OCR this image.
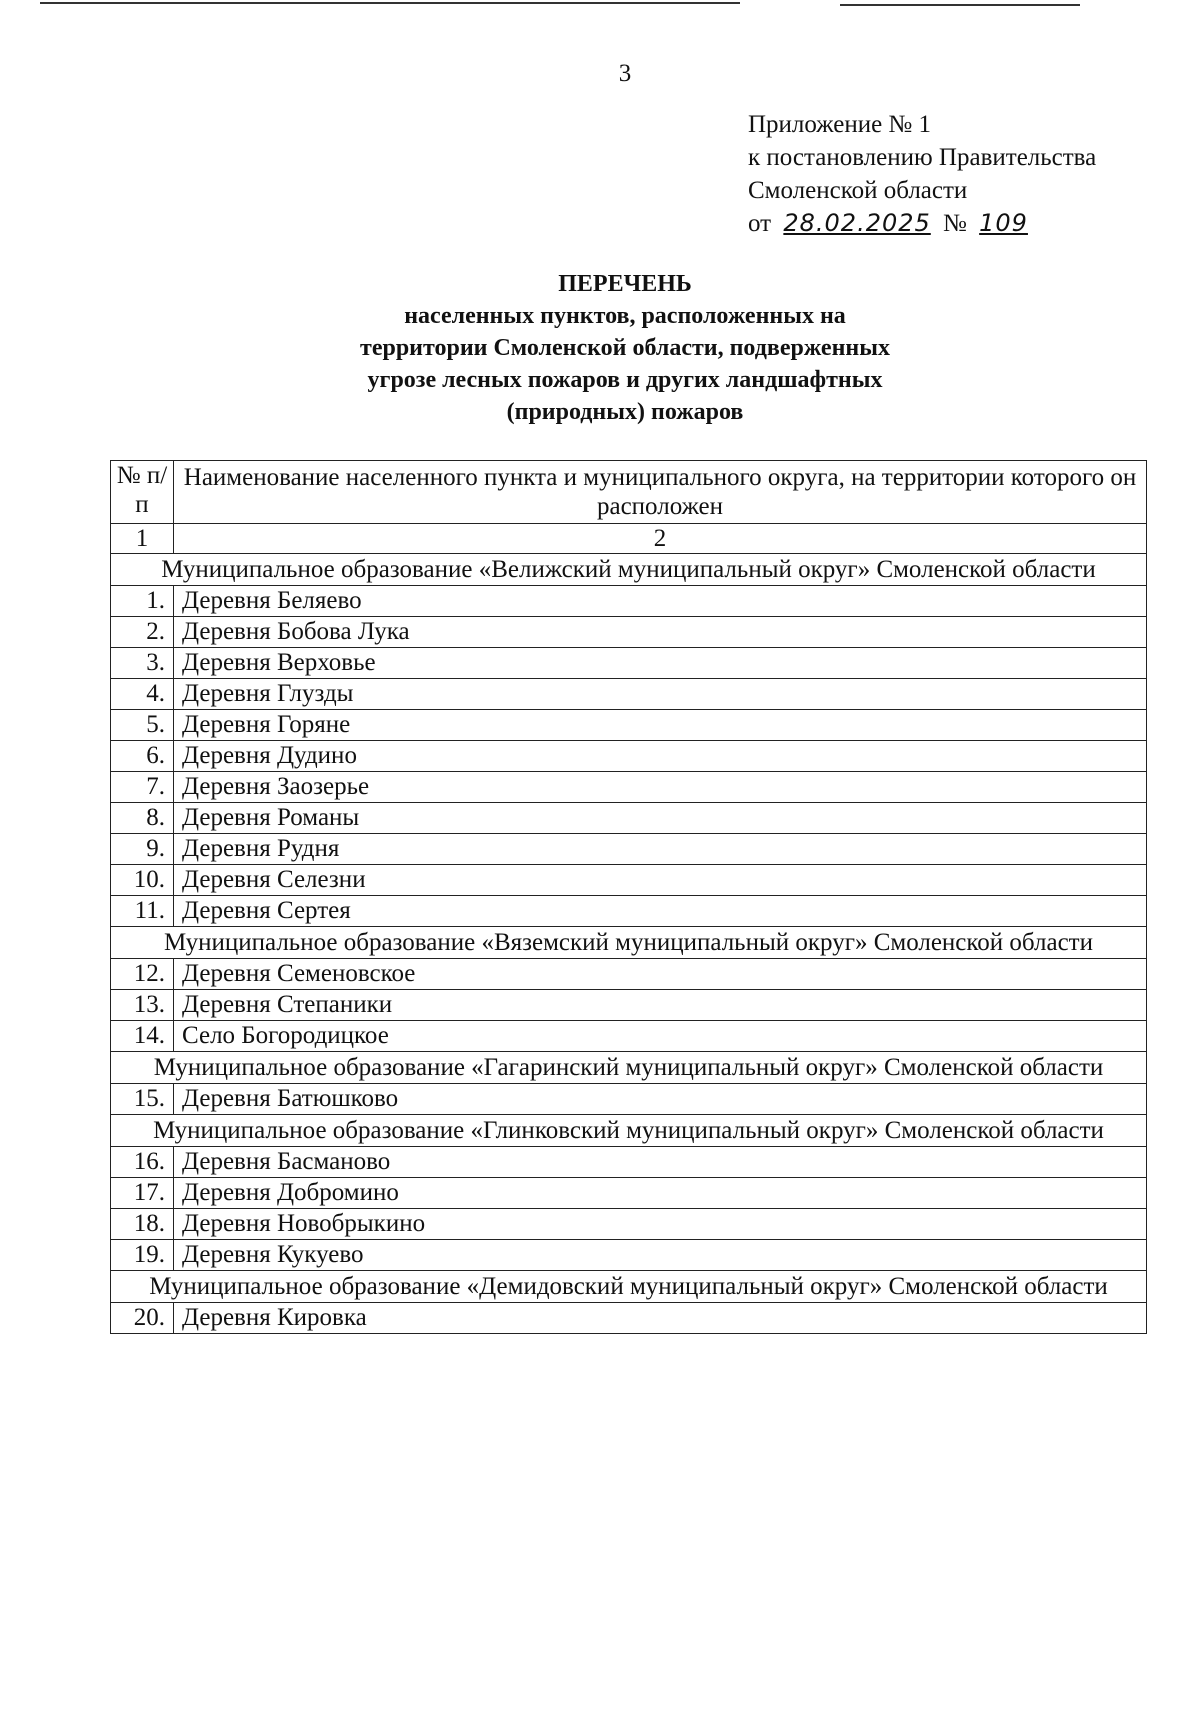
3
Приложение № 1
к постановлению Правительства
Смоленской области
от 28.02.2025 № 109
ПЕРЕЧЕНЬ
населенных пунктов, расположенных на
территории Смоленской области, подверженных
угрозе лесных пожаров и других ландшафтных
(природных) пожаров
№ п/п	Наименование населенного пункта и муниципального округа, на территории которого он расположен
1	2
Муниципальное образование «Велижский муниципальный округ» Смоленской области	
1.	Деревня Беляево
2.	Деревня Бобова Лука
3.	Деревня Верховье
4.	Деревня Глузды
5.	Деревня Горяне
6.	Деревня Дудино
7.	Деревня Заозерье
8.	Деревня Романы
9.	Деревня Рудня
10.	Деревня Селезни
11.	Деревня Сертея
Муниципальное образование «Вяземский муниципальный округ» Смоленской области	
12.	Деревня Семеновское
13.	Деревня Степаники
14.	Село Богородицкое
Муниципальное образование «Гагаринский муниципальный округ» Смоленской области	
15.	Деревня Батюшково
Муниципальное образование «Глинковский муниципальный округ» Смоленской области	
16.	Деревня Басманово
17.	Деревня Добромино
18.	Деревня Новобрыкино
19.	Деревня Кукуево
Муниципальное образование «Демидовский муниципальный округ» Смоленской области	
20.	Деревня Кировка
